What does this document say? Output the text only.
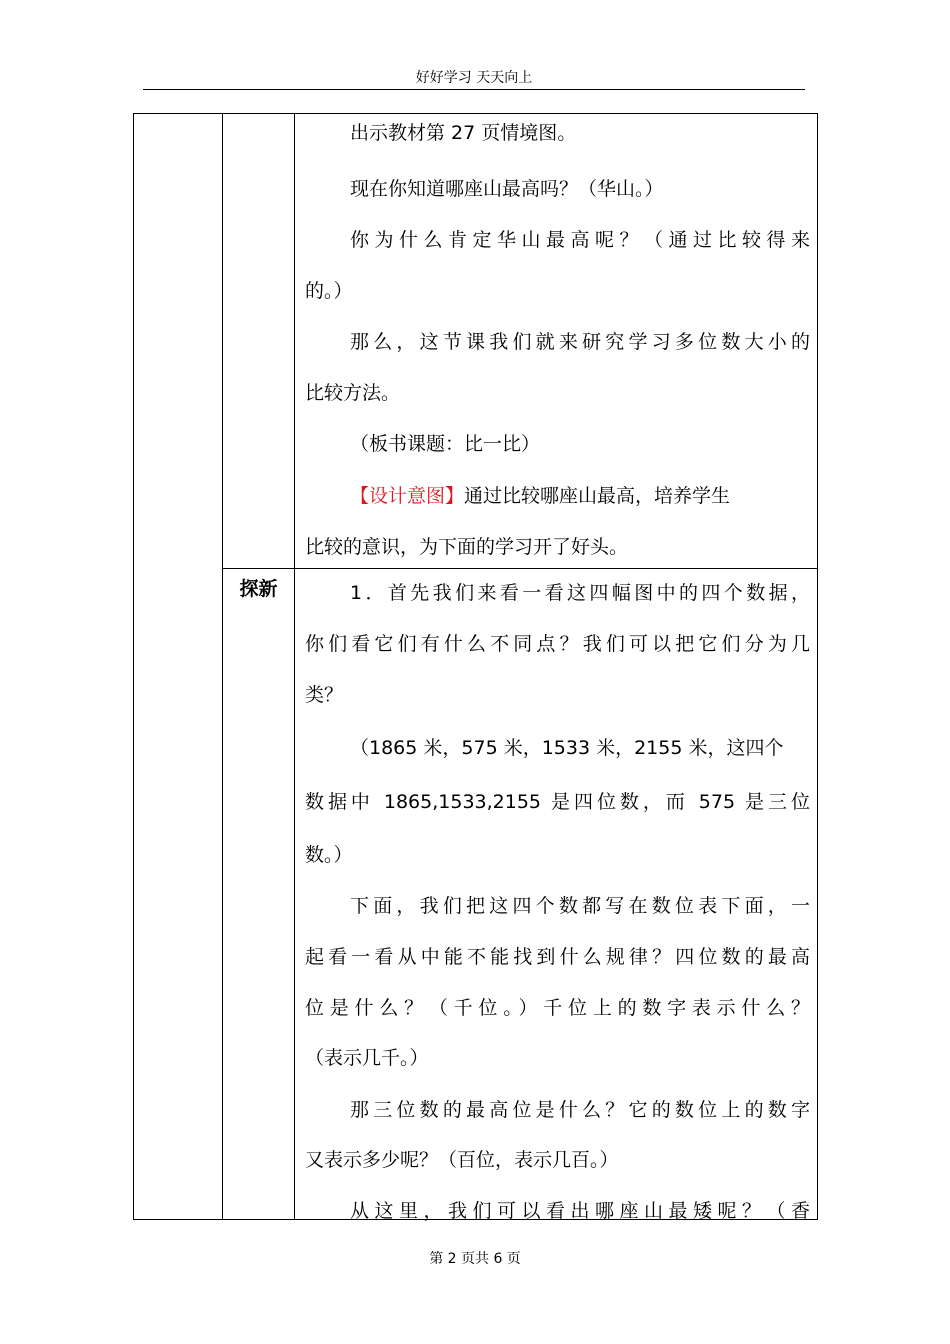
好好学习 天天向上
探新
出示教材第 27 页情境图。
现在你知道哪座山最高吗？（华山。）
你为什么肯定华山最高呢？（通过比较得来
的。）
那么，这节课我们就来研究学习多位数大小的
比较方法。
（板书课题：比一比）
【设计意图】通过比较哪座山最高，培养学生
比较的意识，为下面的学习开了好头。
1．首先我们来看一看这四幅图中的四个数据，
你们看它们有什么不同点？我们可以把它们分为几
类？
（1865 米，575 米，1533 米，2155 米，这四个
数据中 1865,1533,2155 是四位数，而 575 是三位
数。）
下面，我们把这四个数都写在数位表下面，一
起看一看从中能不能找到什么规律？四位数的最高
位是什么？（千位。）千位上的数字表示什么？
（表示几千。）
那三位数的最高位是什么？它的数位上的数字
又表示多少呢？（百位，表示几百。）
从这里，我们可以看出哪座山最矮呢？（香
第 2 页共 6 页
